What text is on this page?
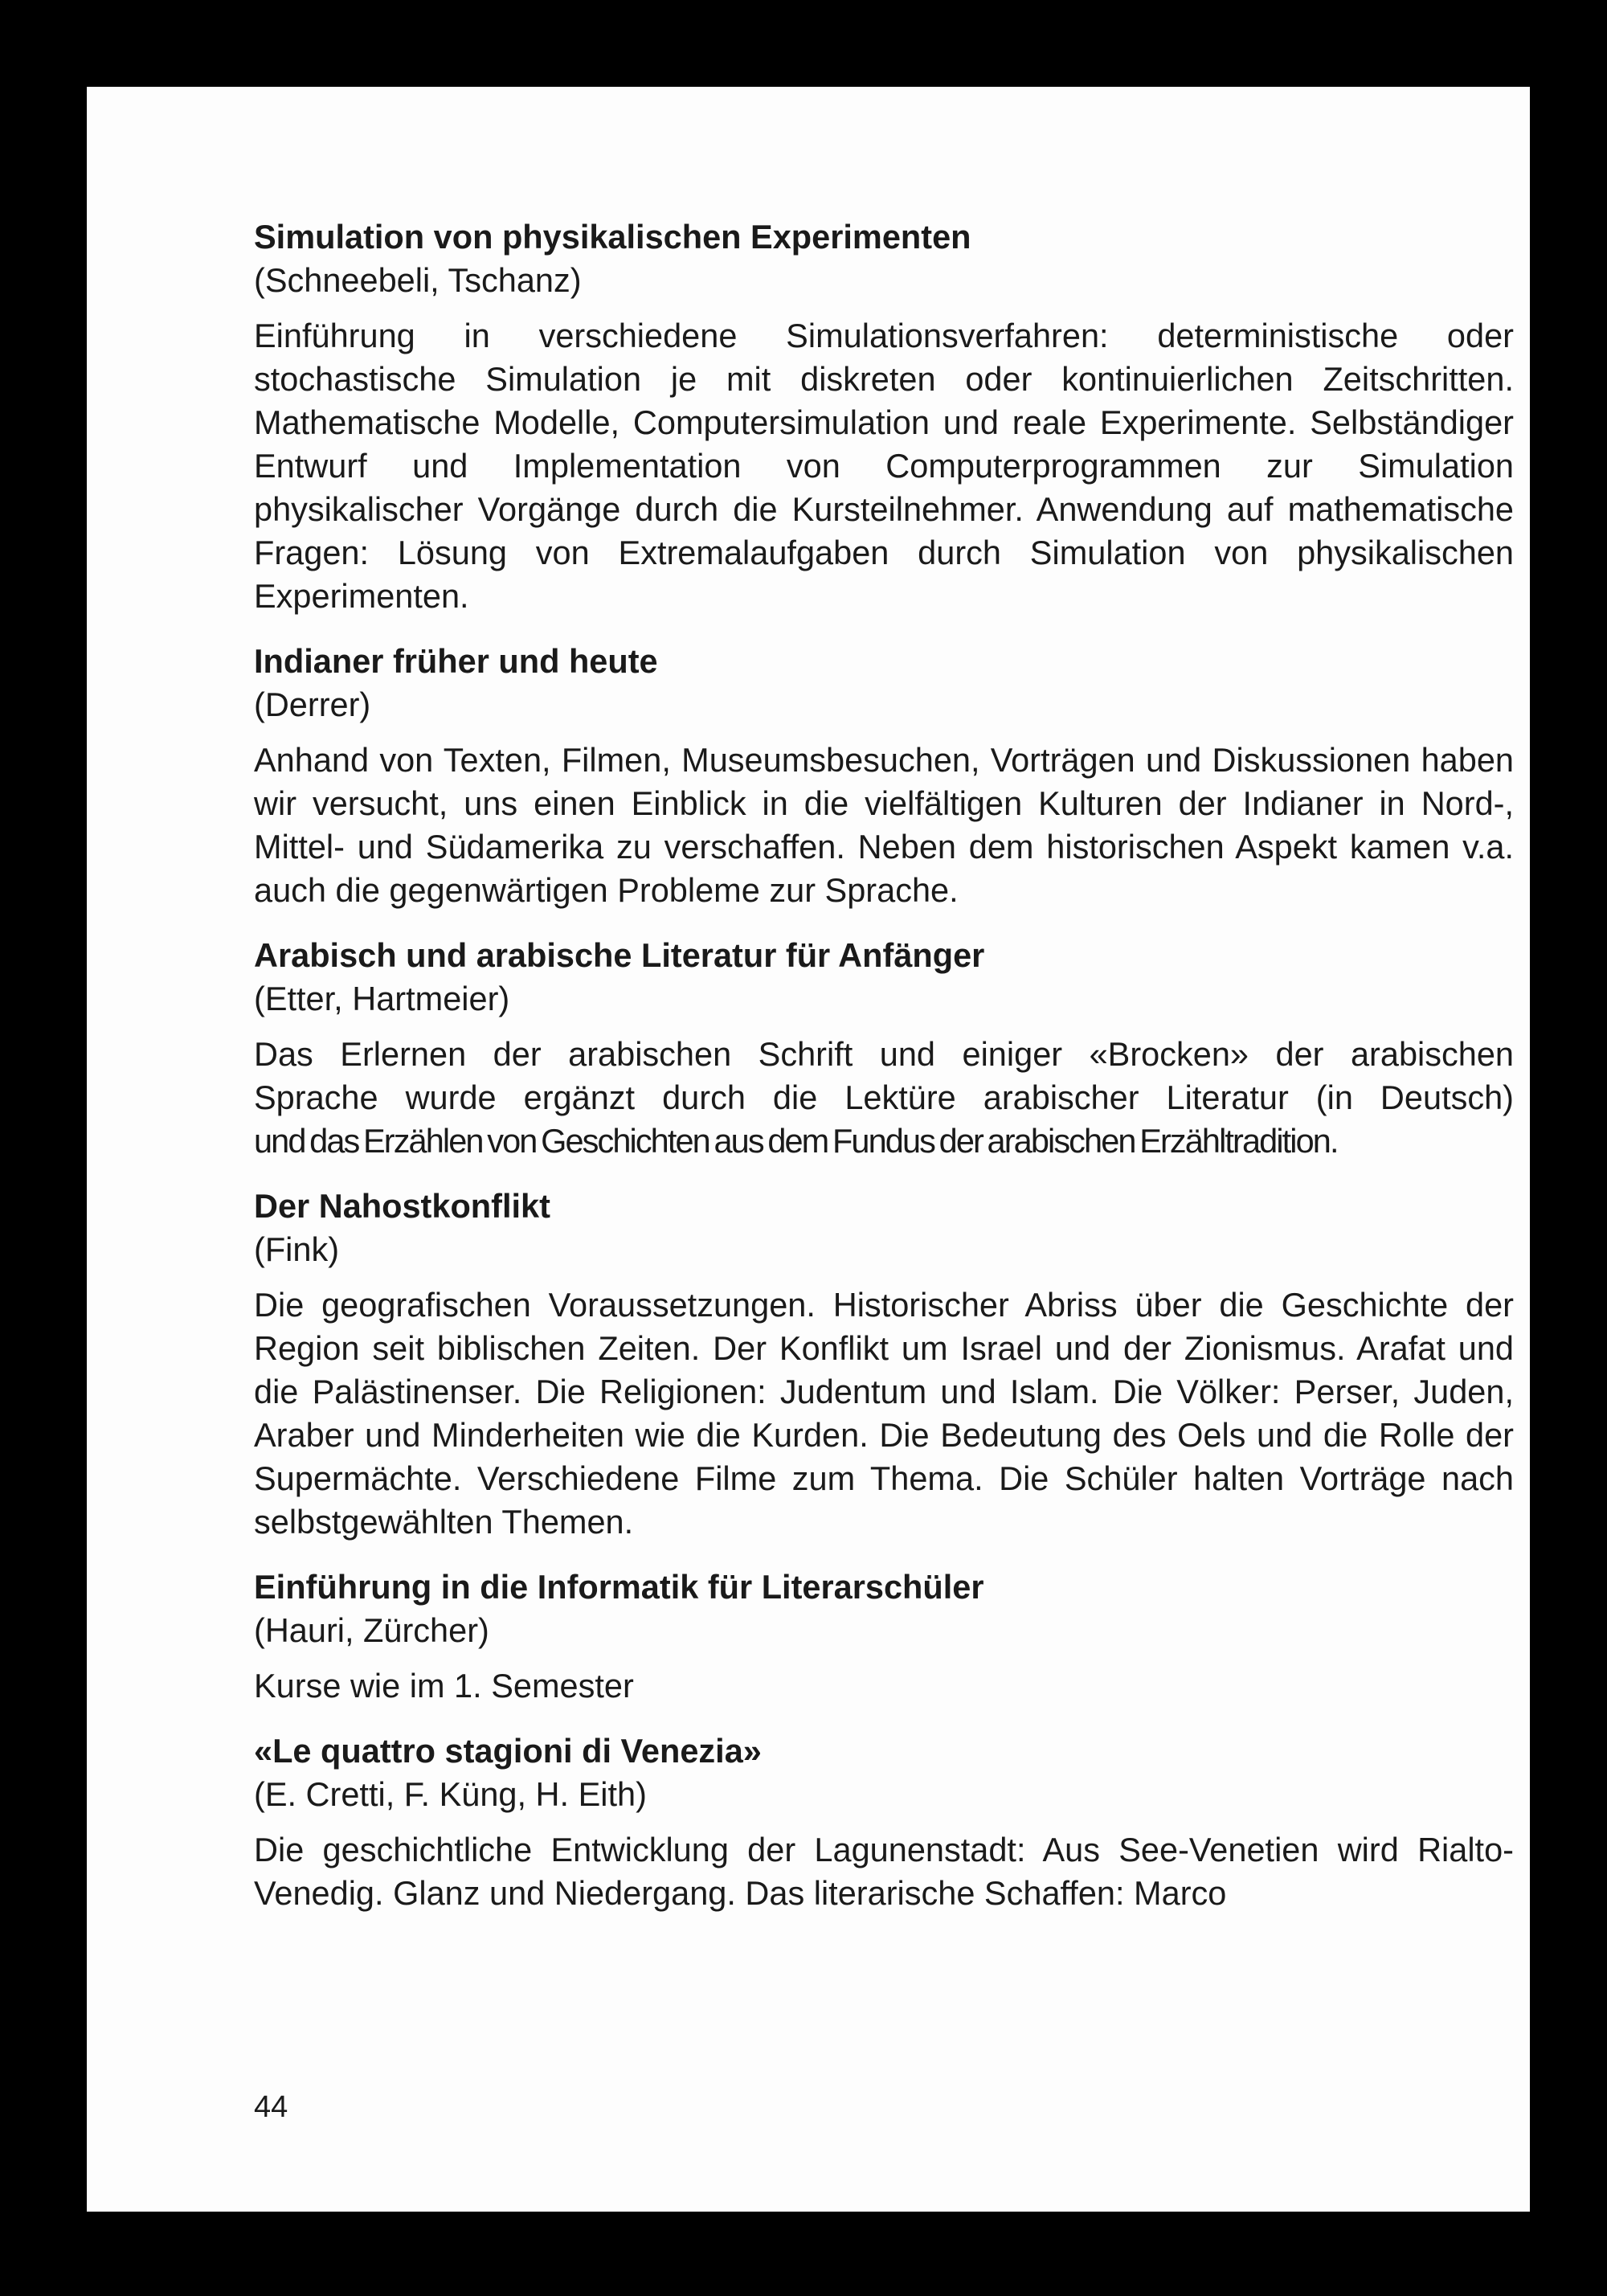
Simulation von physikalischen Experimenten

(Schneebeli, Tschanz)

Einführung in verschiedene Simulationsverfahren: deterministische oder stochastische Simulation je mit diskreten oder kontinuierlichen Zeitschritten. Mathematische Modelle, Computersimulation und reale Experimente. Selbständiger Entwurf und Implementation von Computerprogrammen zur Simulation physikalischer Vorgänge durch die Kursteilnehmer. Anwendung auf mathematische Fragen: Lösung von Extremalaufgaben durch Simulation von physikalischen Experimenten.

Indianer früher und heute

(Derrer)

Anhand von Texten, Filmen, Museumsbesuchen, Vorträgen und Diskussionen haben wir versucht, uns einen Einblick in die vielfältigen Kulturen der Indianer in Nord-, Mittel- und Südamerika zu verschaffen. Neben dem historischen Aspekt kamen v.a. auch die gegenwärtigen Probleme zur Sprache.

Arabisch und arabische Literatur für Anfänger

(Etter, Hartmeier)

Das Erlernen der arabischen Schrift und einiger «Brocken» der arabischen

Sprache wurde ergänzt durch die Lektüre arabischer Literatur (in Deutsch)

und das Erzählen von Geschichten aus dem Fundus der arabischen Erzähltradition.

Der Nahostkonflikt

(Fink)

Die geografischen Voraussetzungen. Historischer Abriss über die Geschichte der Region seit biblischen Zeiten. Der Konflikt um Israel und der Zionismus. Arafat und die Palästinenser. Die Religionen: Judentum und Islam. Die Völker: Perser, Juden, Araber und Minderheiten wie die Kurden. Die Bedeutung des Oels und die Rolle der Supermächte. Verschiedene Filme zum Thema. Die Schüler halten Vorträge nach selbstgewählten Themen.

Einführung in die Informatik für Literarschüler

(Hauri, Zürcher)

Kurse wie im 1. Semester

«Le quattro stagioni di Venezia»

(E. Cretti, F. Küng, H. Eith)

Die geschichtliche Entwicklung der Lagunenstadt: Aus See-Venetien wird Rialto-Venedig. Glanz und Niedergang. Das literarische Schaffen: Marco

44
